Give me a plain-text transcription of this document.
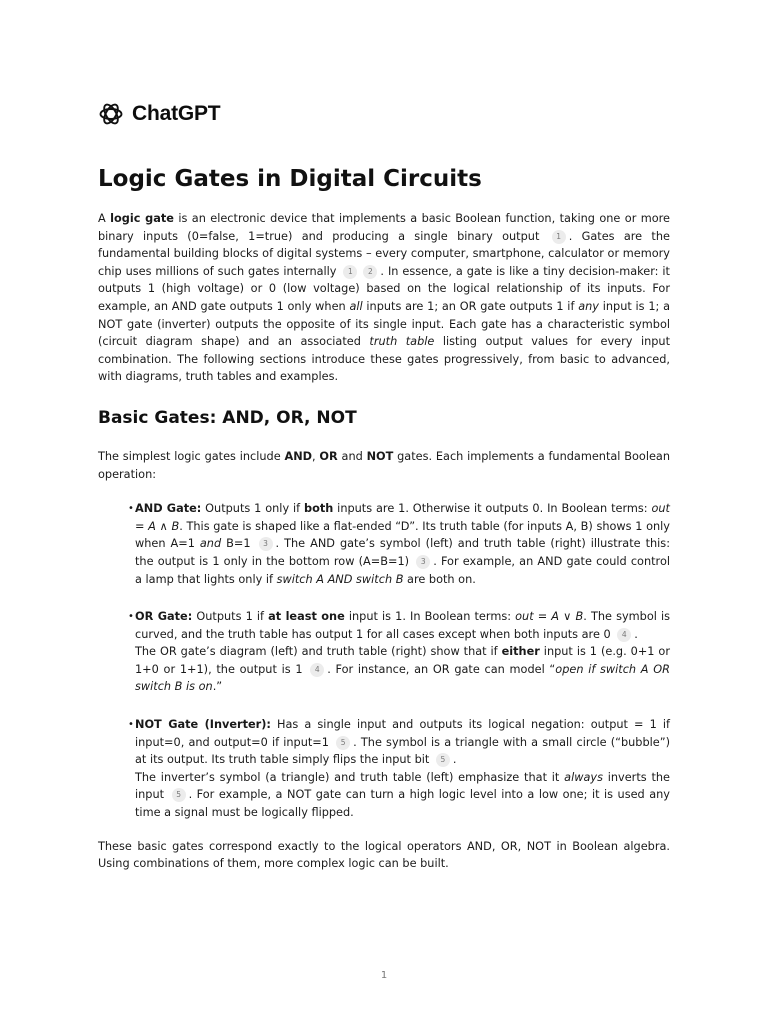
ChatGPT
Logic Gates in Digital Circuits

A logic gate is an electronic device that implements a basic Boolean function, taking one or more binary inputs (0=false, 1=true) and producing a single binary output 1 . Gates are the fundamental building blocks of digital systems – every computer, smartphone, calculator or memory chip uses millions of such gates internally 1 2 . In essence, a gate is like a tiny decision-maker: it outputs 1 (high voltage) or 0 (low voltage) based on the logical relationship of its inputs. For example, an AND gate outputs 1 only when all inputs are 1; an OR gate outputs 1 if any input is 1; a NOT gate (inverter) outputs the opposite of its single input. Each gate has a characteristic symbol (circuit diagram shape) and an associated truth table listing output values for every input combination. The following sections introduce these gates progressively, from basic to advanced, with diagrams, truth tables and examples.

Basic Gates: AND, OR, NOT

The simplest logic gates include AND, OR and NOT gates. Each implements a fundamental Boolean operation:

• AND Gate: Outputs 1 only if both inputs are 1. Otherwise it outputs 0. In Boolean terms: out = A ∧ B. This gate is shaped like a flat-ended “D”. Its truth table (for inputs A, B) shows 1 only when A=1 and B=1 3 . The AND gate’s symbol (left) and truth table (right) illustrate this: the output is 1 only in the bottom row (A=B=1) 3 . For example, an AND gate could control a lamp that lights only if switch A AND switch B are both on.
• OR Gate: Outputs 1 if at least one input is 1. In Boolean terms: out = A ∨ B. The symbol is curved, and the truth table has output 1 for all cases except when both inputs are 0 4 .
The OR gate’s diagram (left) and truth table (right) show that if either input is 1 (e.g. 0+1 or 1+0 or 1+1), the output is 1 4 . For instance, an OR gate can model “open if switch A OR switch B is on.”
• NOT Gate (Inverter): Has a single input and outputs its logical negation: output = 1 if input=0, and output=0 if input=1 5 . The symbol is a triangle with a small circle (“bubble”) at its output. Its truth table simply flips the input bit 5 .
The inverter’s symbol (a triangle) and truth table (left) emphasize that it always inverts the input 5 . For example, a NOT gate can turn a high logic level into a low one; it is used any time a signal must be logically flipped.

These basic gates correspond exactly to the logical operators AND, OR, NOT in Boolean algebra. Using combinations of them, more complex logic can be built.

1
